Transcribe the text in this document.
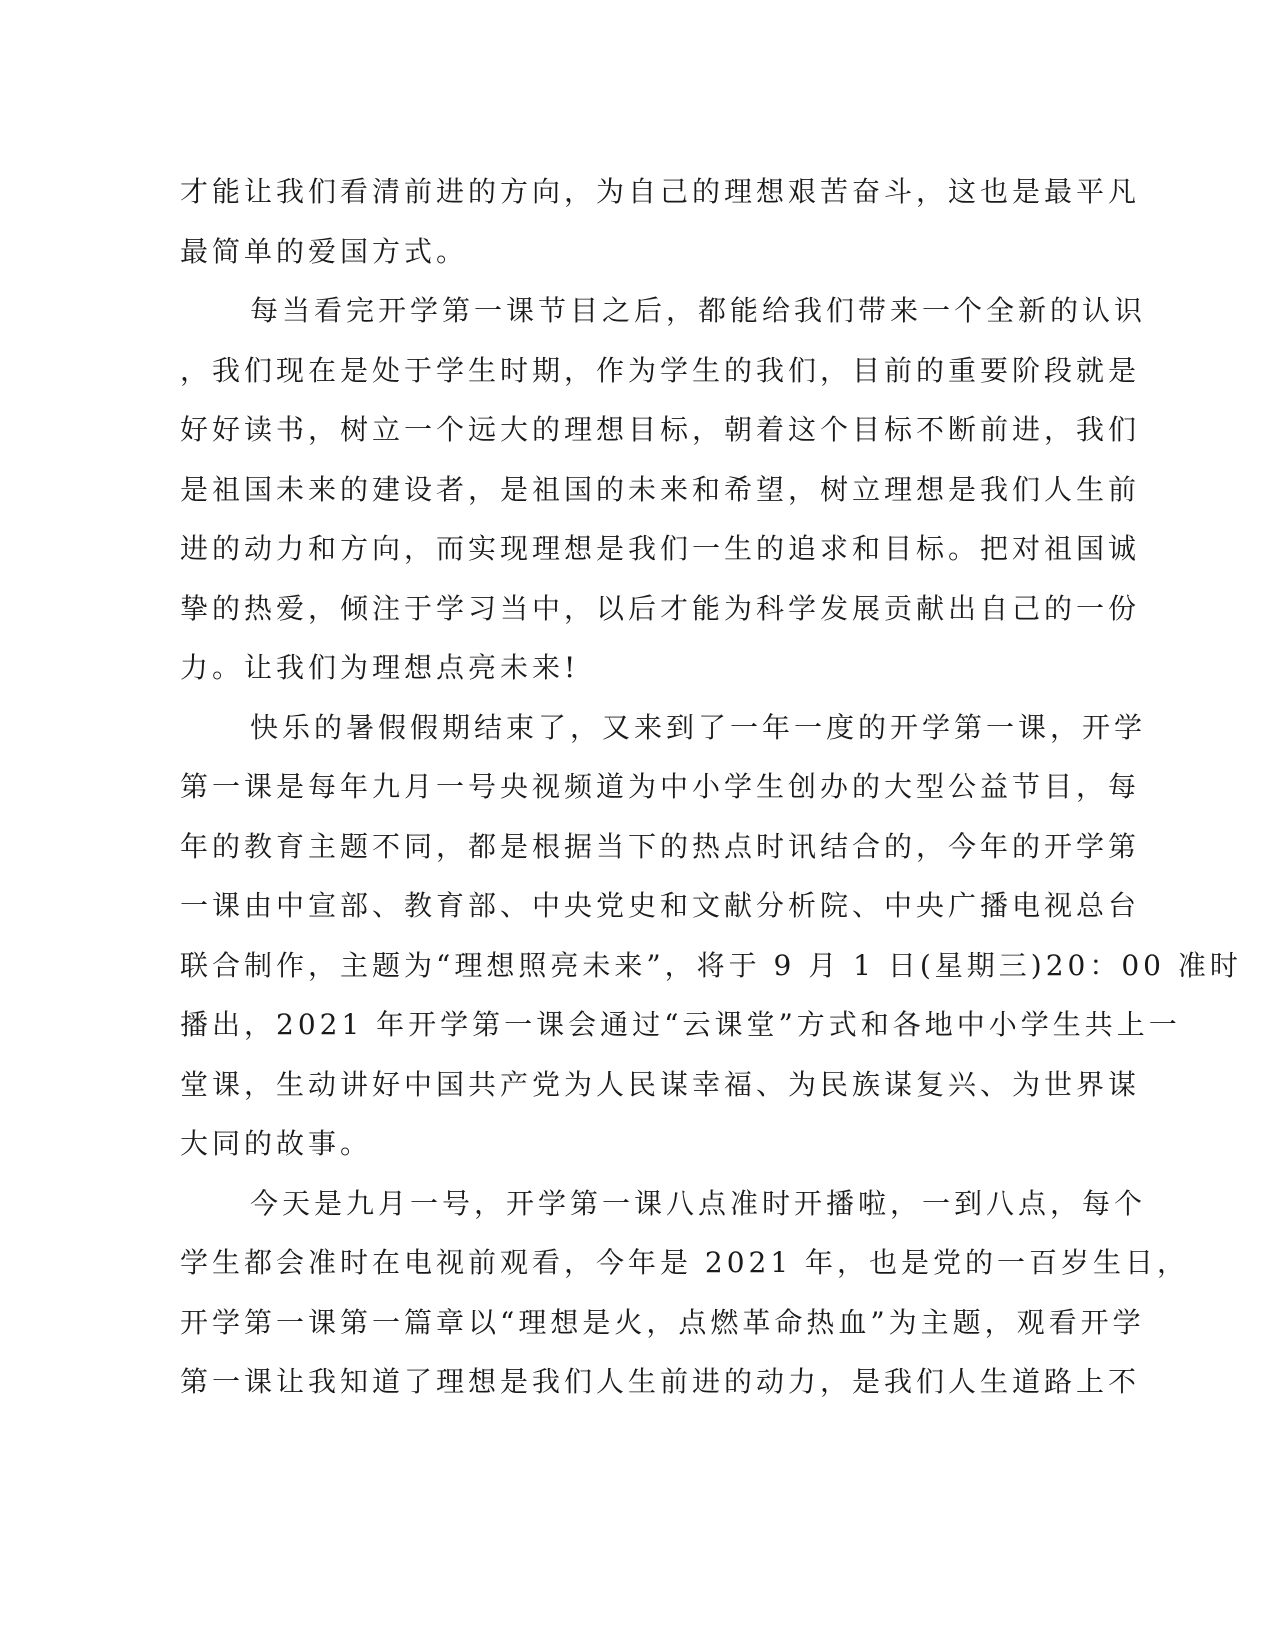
才能让我们看清前进的方向，为自己的理想艰苦奋斗，这也是最平凡
最简单的爱国方式。
每当看完开学第一课节目之后，都能给我们带来一个全新的认识
，我们现在是处于学生时期，作为学生的我们，目前的重要阶段就是
好好读书，树立一个远大的理想目标，朝着这个目标不断前进，我们
是祖国未来的建设者，是祖国的未来和希望，树立理想是我们人生前
进的动力和方向，而实现理想是我们一生的追求和目标。把对祖国诚
挚的热爱，倾注于学习当中，以后才能为科学发展贡献出自己的一份
力。让我们为理想点亮未来!
快乐的暑假假期结束了，又来到了一年一度的开学第一课，开学
第一课是每年九月一号央视频道为中小学生创办的大型公益节目，每
年的教育主题不同，都是根据当下的热点时讯结合的，今年的开学第
一课由中宣部、教育部、中央党史和文献分析院、中央广播电视总台
联合制作，主题为“理想照亮未来”，将于 9 月 1 日(星期三)20：00 准时
播出，2021 年开学第一课会通过“云课堂”方式和各地中小学生共上一
堂课，生动讲好中国共产党为人民谋幸福、为民族谋复兴、为世界谋
大同的故事。
今天是九月一号，开学第一课八点准时开播啦，一到八点，每个
学生都会准时在电视前观看，今年是 2021 年，也是党的一百岁生日，
开学第一课第一篇章以“理想是火，点燃革命热血”为主题，观看开学
第一课让我知道了理想是我们人生前进的动力，是我们人生道路上不
